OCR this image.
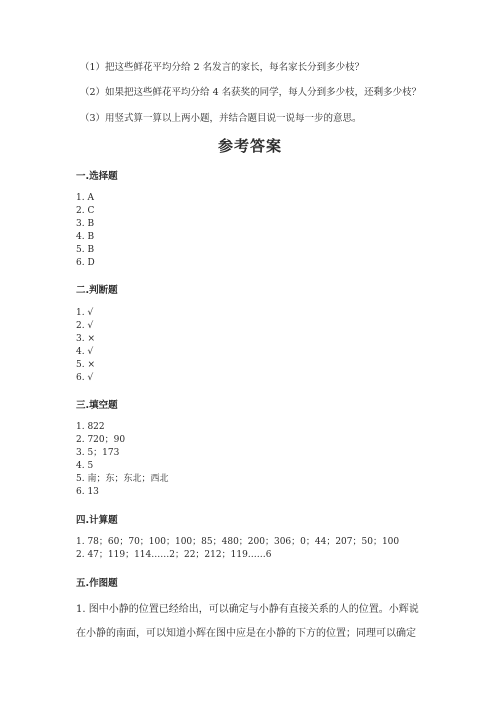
（1）把这些鲜花平均分给 2 名发言的家长，每名家长分到多少枝？
（2）如果把这些鲜花平均分给 4 名获奖的同学，每人分到多少枝，还剩多少枝？
（3）用竖式算一算以上两小题，并结合题目说一说每一步的意思。
参考答案
一.选择题
1. A
2. C
3. B
4. B
5. B
6. D
二.判断题
1. √
2. √
3. ×
4. √
5. ×
6. √
三.填空题
1. 822
2. 720；90
3. 5；173
4. 5
5. 南；东；东北；西北
6. 13
四.计算题
1. 78；60；70；100；100；85；480；200；306；0；44；207；50；100
2. 47；119；114……2；22；212；119……6
五.作图题
1. 图中小静的位置已经给出，可以确定与小静有直接关系的人的位置。小辉说
在小静的南面，可以知道小辉在图中应是在小静的下方的位置；同理可以确定
